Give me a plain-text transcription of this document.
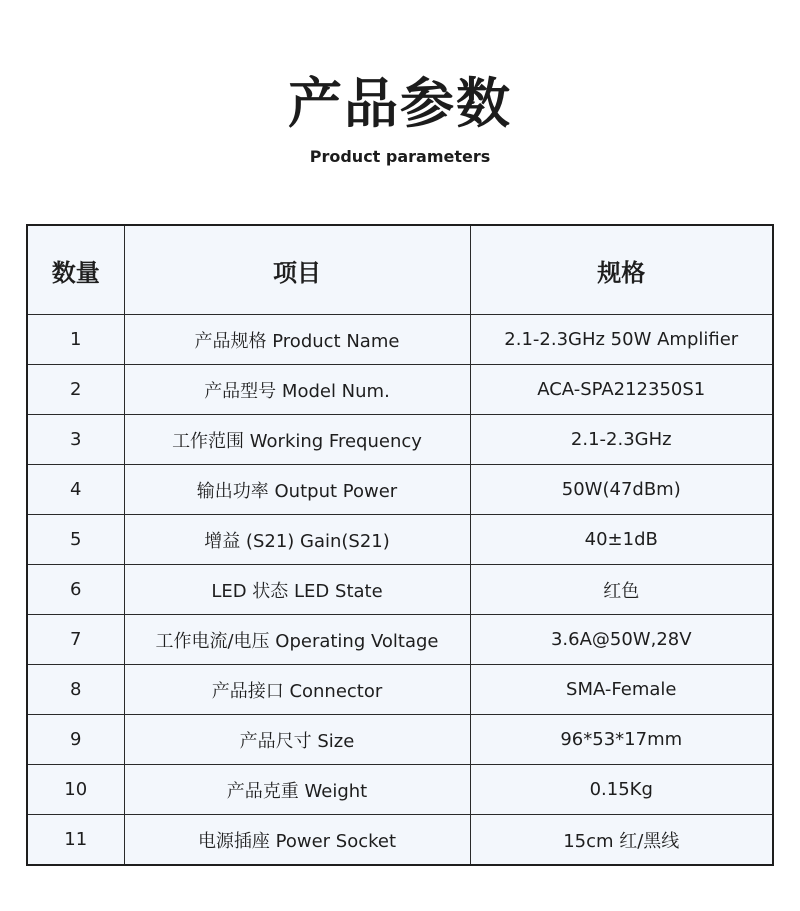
产品参数
Product parameters
数量	项目	规格
1	产品规格 Product Name	2.1-2.3GHz 50W Amplifier
2	产品型号 Model Num.	ACA-SPA212350S1
3	工作范围 Working Frequency	2.1-2.3GHz
4	输出功率 Output Power	50W(47dBm)
5	增益 (S21) Gain(S21)	40±1dB
6	LED 状态 LED State	红色
7	工作电流/电压 Operating Voltage	3.6A@50W,28V
8	产品接口 Connector	SMA-Female
9	产品尺寸 Size	96*53*17mm
10	产品克重 Weight	0.15Kg
11	电源插座 Power Socket	15cm 红/黑线
